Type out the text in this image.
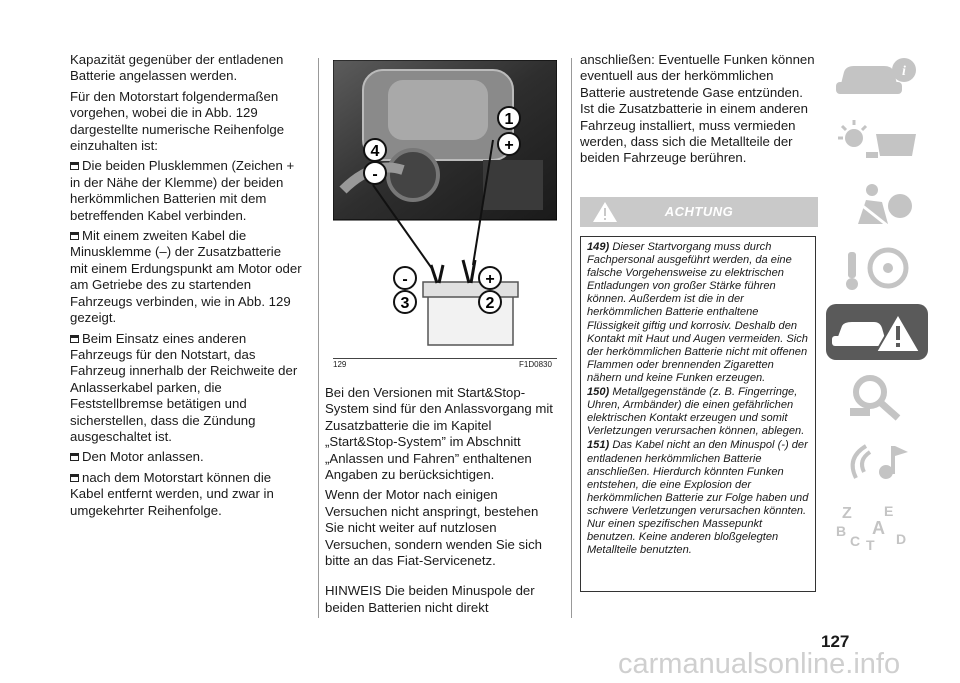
Kapazität gegenüber der entladenen Batterie angelassen werden.

Für den Motorstart folgendermaßen vorgehen, wobei die in Abb. 129 dargestellte numerische Reihenfolge einzuhalten ist:

Die beiden Plusklemmen (Zeichen + in der Nähe der Klemme) der beiden herkömmlichen Batterien mit dem betreffenden Kabel verbinden.

Mit einem zweiten Kabel die Minusklemme (–) der Zusatzbatterie mit einem Erdungspunkt am Motor oder am Getriebe des zu startenden Fahrzeugs verbinden, wie in Abb. 129 gezeigt.

Beim Einsatz eines anderen Fahrzeugs für den Notstart, das Fahrzeug innerhalb der Reichweite der Anlasserkabel parken, die Feststellbremse betätigen und sicherstellen, dass die Zündung ausgeschaltet ist.

Den Motor anlassen.

nach dem Motorstart können die Kabel entfernt werden, und zwar in umgekehrter Reihenfolge.

1
+
4
-
-	+
3	2
129	F1D0830

Bei den Versionen mit Start&Stop-System sind für den Anlassvorgang mit Zusatzbatterie die im Kapitel „Start&Stop-System” im Abschnitt „Anlassen und Fahren” enthaltenen Angaben zu berücksichtigen.

Wenn der Motor nach einigen Versuchen nicht anspringt, bestehen Sie nicht weiter auf nutzlosen Versuchen, sondern wenden Sie sich bitte an das Fiat-Servicenetz.

HINWEIS Die beiden Minuspole der beiden Batterien nicht direkt

anschließen: Eventuelle Funken können eventuell aus der herkömmlichen Batterie austretende Gase entzünden. Ist die Zusatzbatterie in einem anderen Fahrzeug installiert, muss vermieden werden, dass sich die Metallteile der beiden Fahrzeuge berühren.

ACHTUNG

149) Dieser Startvorgang muss durch Fachpersonal ausgeführt werden, da eine falsche Vorgehensweise zu elektrischen Entladungen von großer Stärke führen können. Außerdem ist die in der herkömmlichen Batterie enthaltene Flüssigkeit giftig und korrosiv. Deshalb den Kontakt mit Haut und Augen vermeiden. Sich der herkömmlichen Batterie nicht mit offenen Flammen oder brennenden Zigaretten nähern und keine Funken erzeugen.

150) Metallgegenstände (z. B. Fingerringe, Uhren, Armbänder) die einen gefährlichen elektrischen Kontakt erzeugen und somit Verletzungen verursachen können, ablegen.

151) Das Kabel nicht an den Minuspol (-) der entladenen herkömmlichen Batterie anschließen. Hierdurch könnten Funken entstehen, die eine Explosion der herkömmlichen Batterie zur Folge haben und schwere Verletzungen verursachen könnten. Nur einen spezifischen Massepunkt benutzen. Keine anderen bloßgelegten Metallteile benutzten.

127
carmanualsonline.info
i
Z E
B A
C T D
